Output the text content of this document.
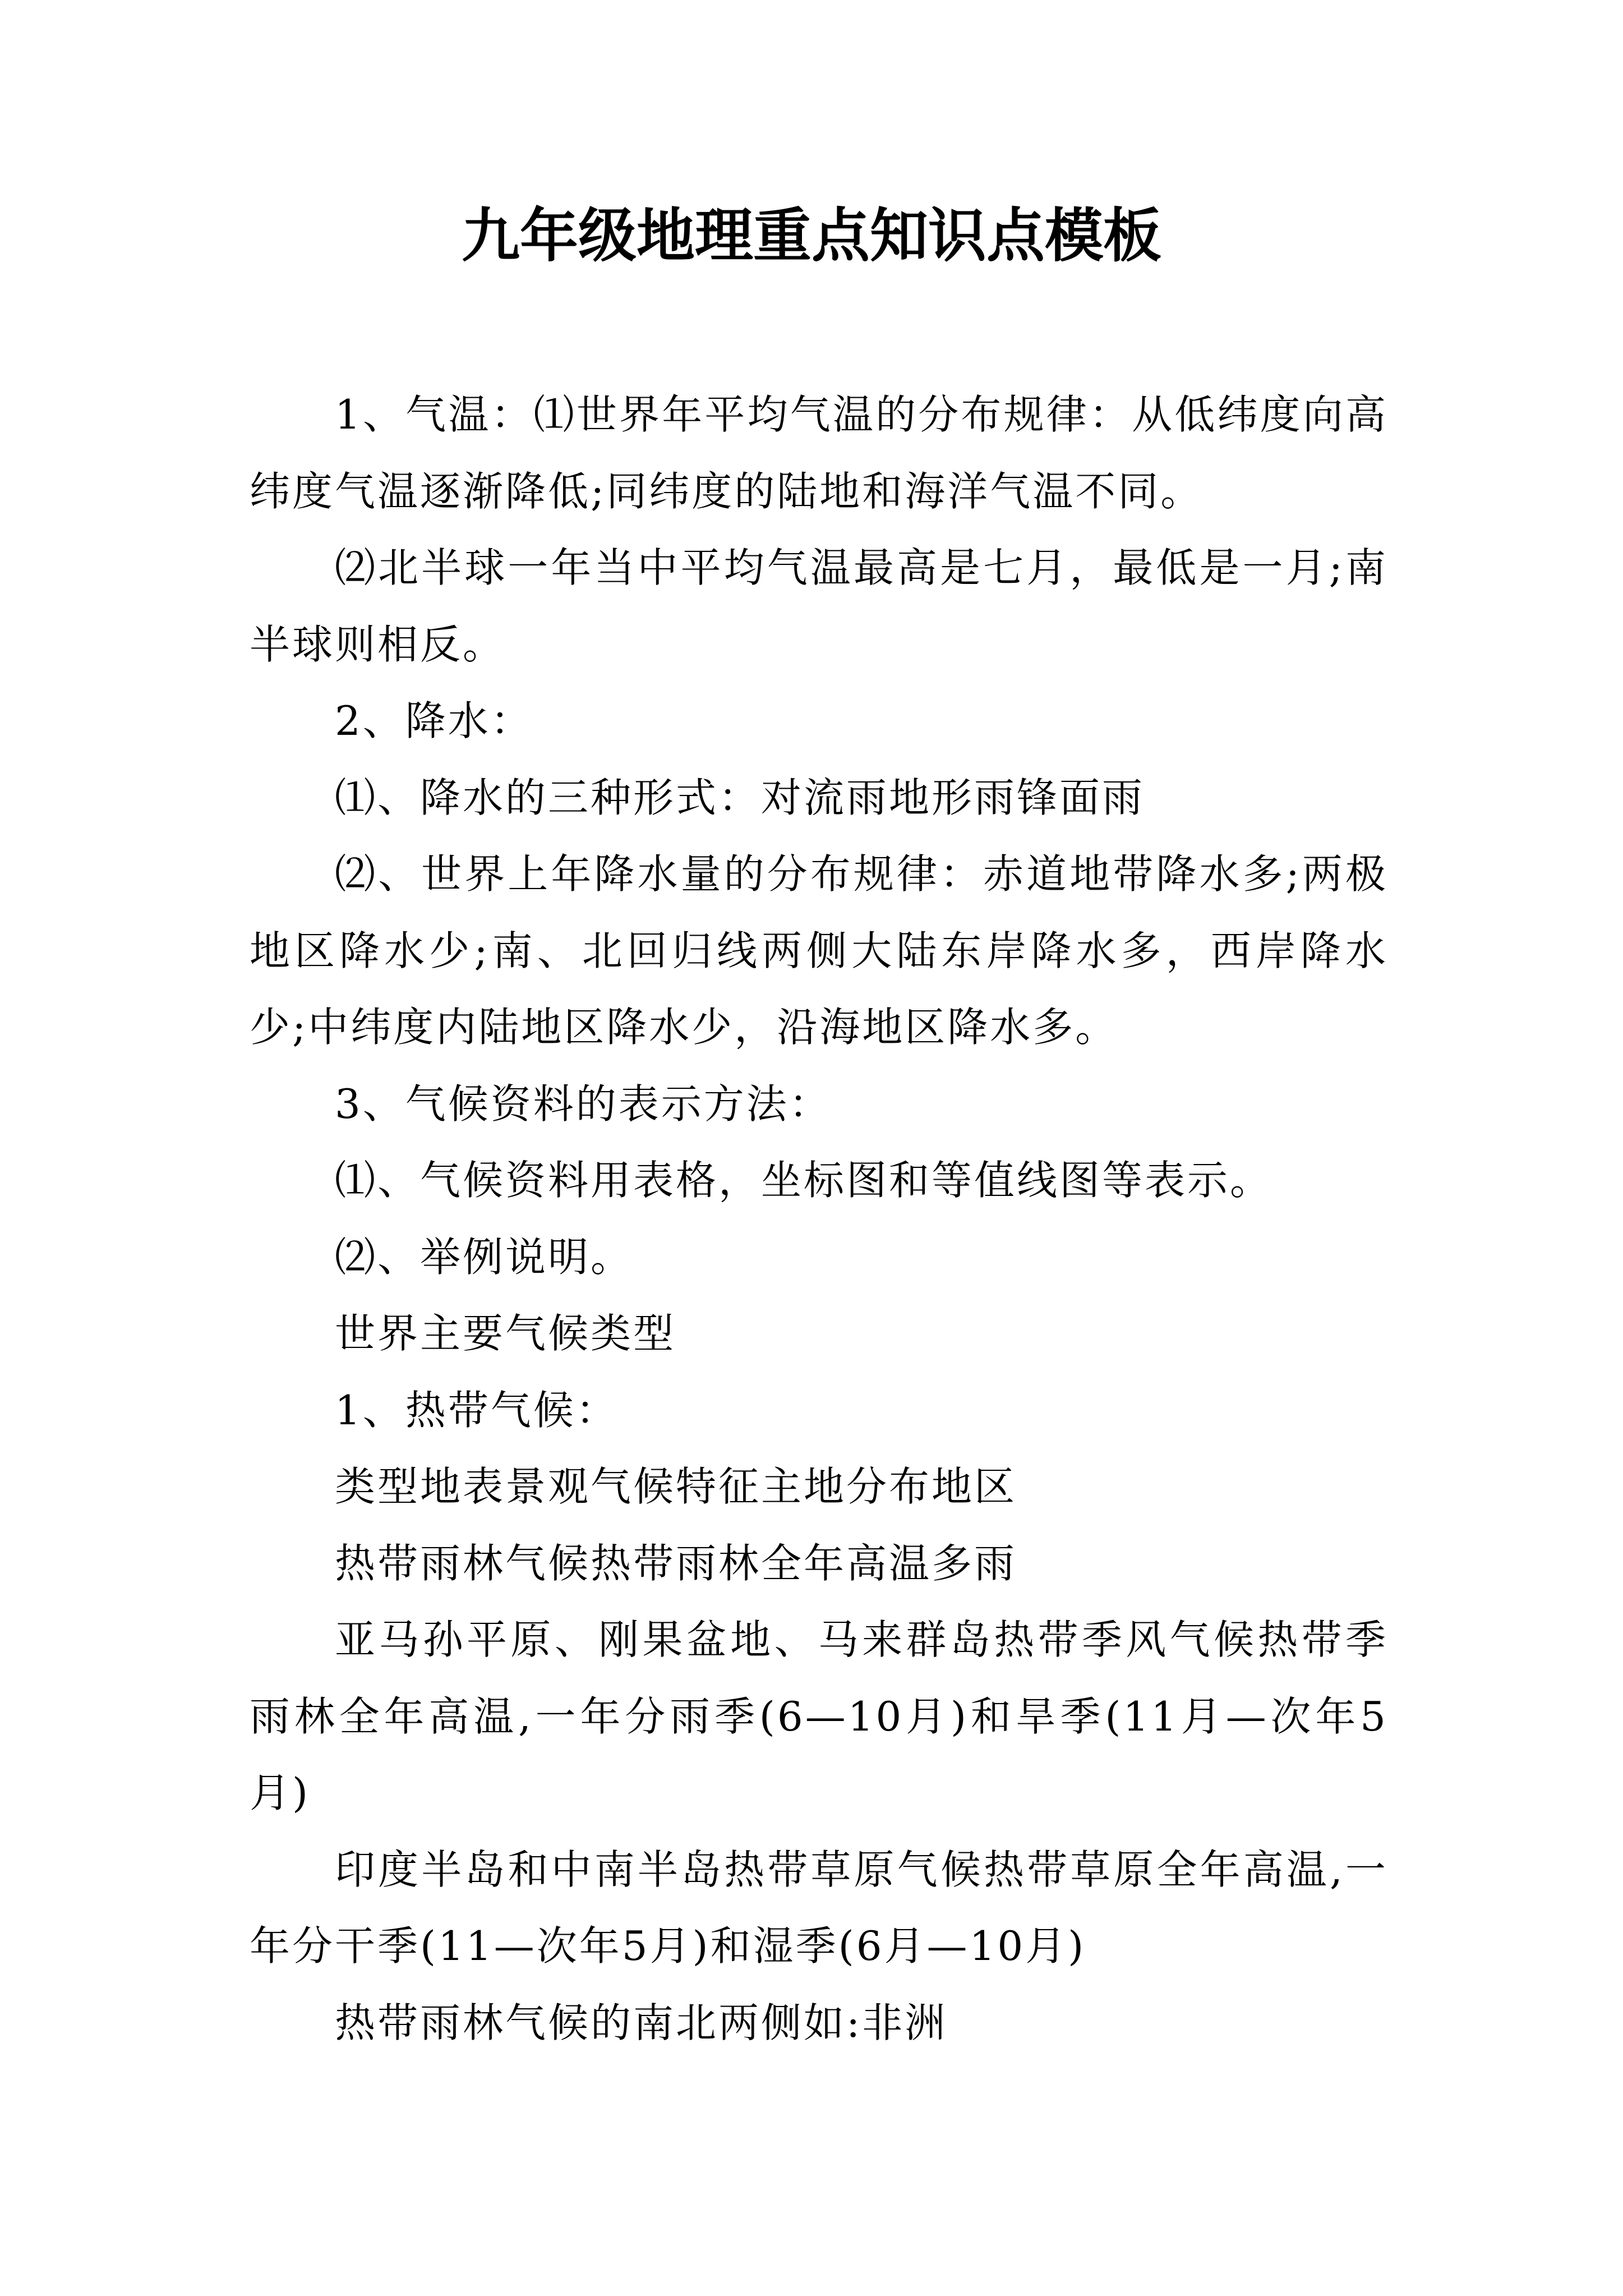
九年级地理重点知识点模板

1、气温：⑴世界年平均气温的分布规律：从低纬度向高纬度气温逐渐降低;同纬度的陆地和海洋气温不同。

⑵北半球一年当中平均气温最高是七月，最低是一月;南半球则相反。

2、降水：

⑴、降水的三种形式：对流雨地形雨锋面雨

⑵、世界上年降水量的分布规律：赤道地带降水多;两极地区降水少;南、北回归线两侧大陆东岸降水多，西岸降水少;中纬度内陆地区降水少，沿海地区降水多。

3、气候资料的表示方法：

⑴、气候资料用表格，坐标图和等值线图等表示。

⑵、举例说明。

世界主要气候类型

1、热带气候：

类型地表景观气候特征主地分布地区

热带雨林气候热带雨林全年高温多雨

亚马孙平原、刚果盆地、马来群岛热带季风气候热带季雨林全年高温,一年分雨季(6—10月)和旱季(11月—次年5月)

印度半岛和中南半岛热带草原气候热带草原全年高温,一年分干季(11—次年5月)和湿季(6月—10月)

热带雨林气候的南北两侧如:非洲
